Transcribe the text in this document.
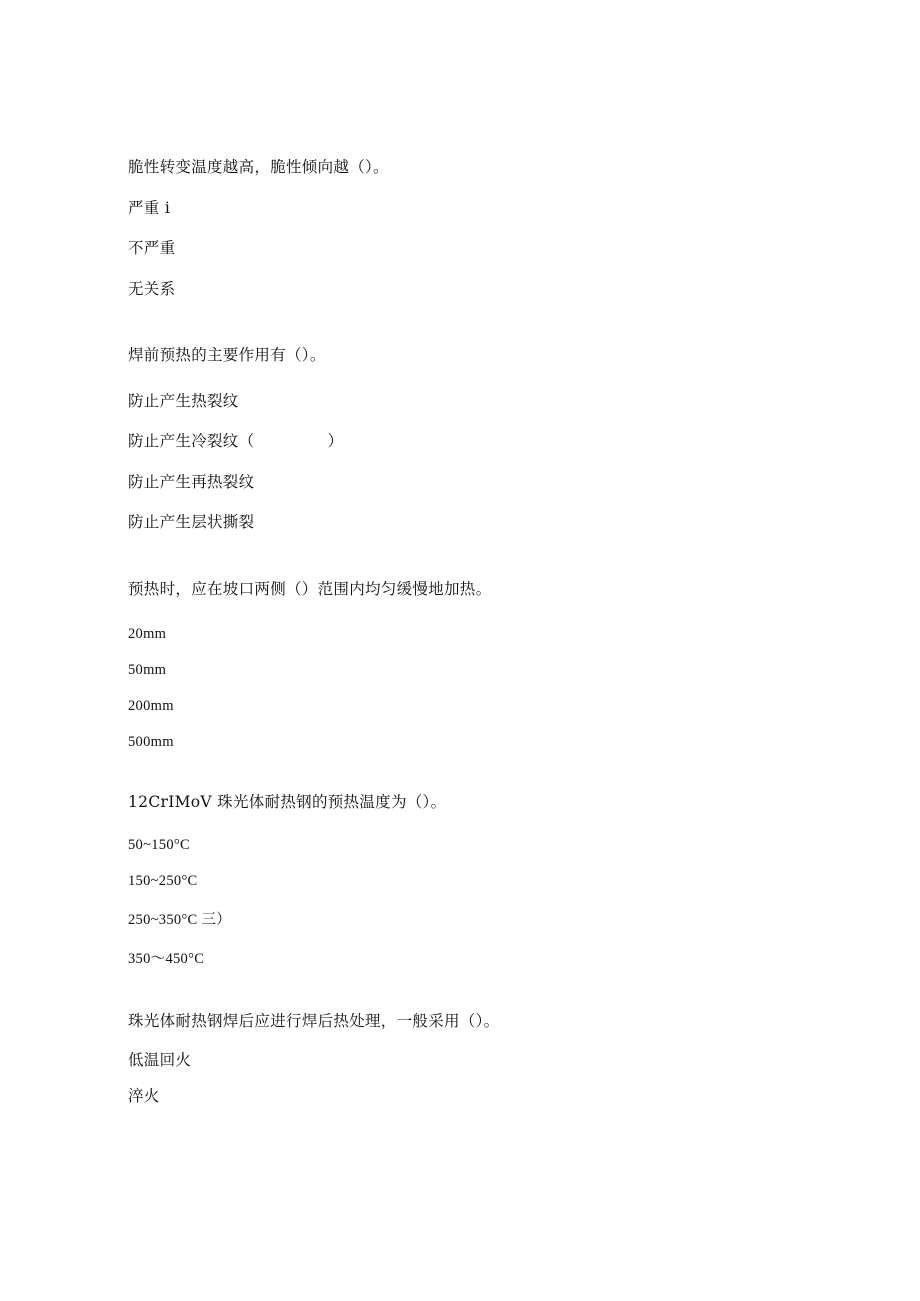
脆性转变温度越高，脆性倾向越（）。
严重 i
不严重
无关系
焊前预热的主要作用有（）。
防止产生热裂纹
防止产生冷裂纹（              ）
防止产生再热裂纹
防止产生层状撕裂
预热时，应在坡口两侧（）范围内均匀缓慢地加热。
20mm
50mm
200mm
500mm
12CrIMoV 珠光体耐热钢的预热温度为（）。
50~150°C
150~250°C
250~350°C 三）
350～450°C
珠光体耐热钢焊后应进行焊后热处理，一般采用（）。
低温回火
淬火
